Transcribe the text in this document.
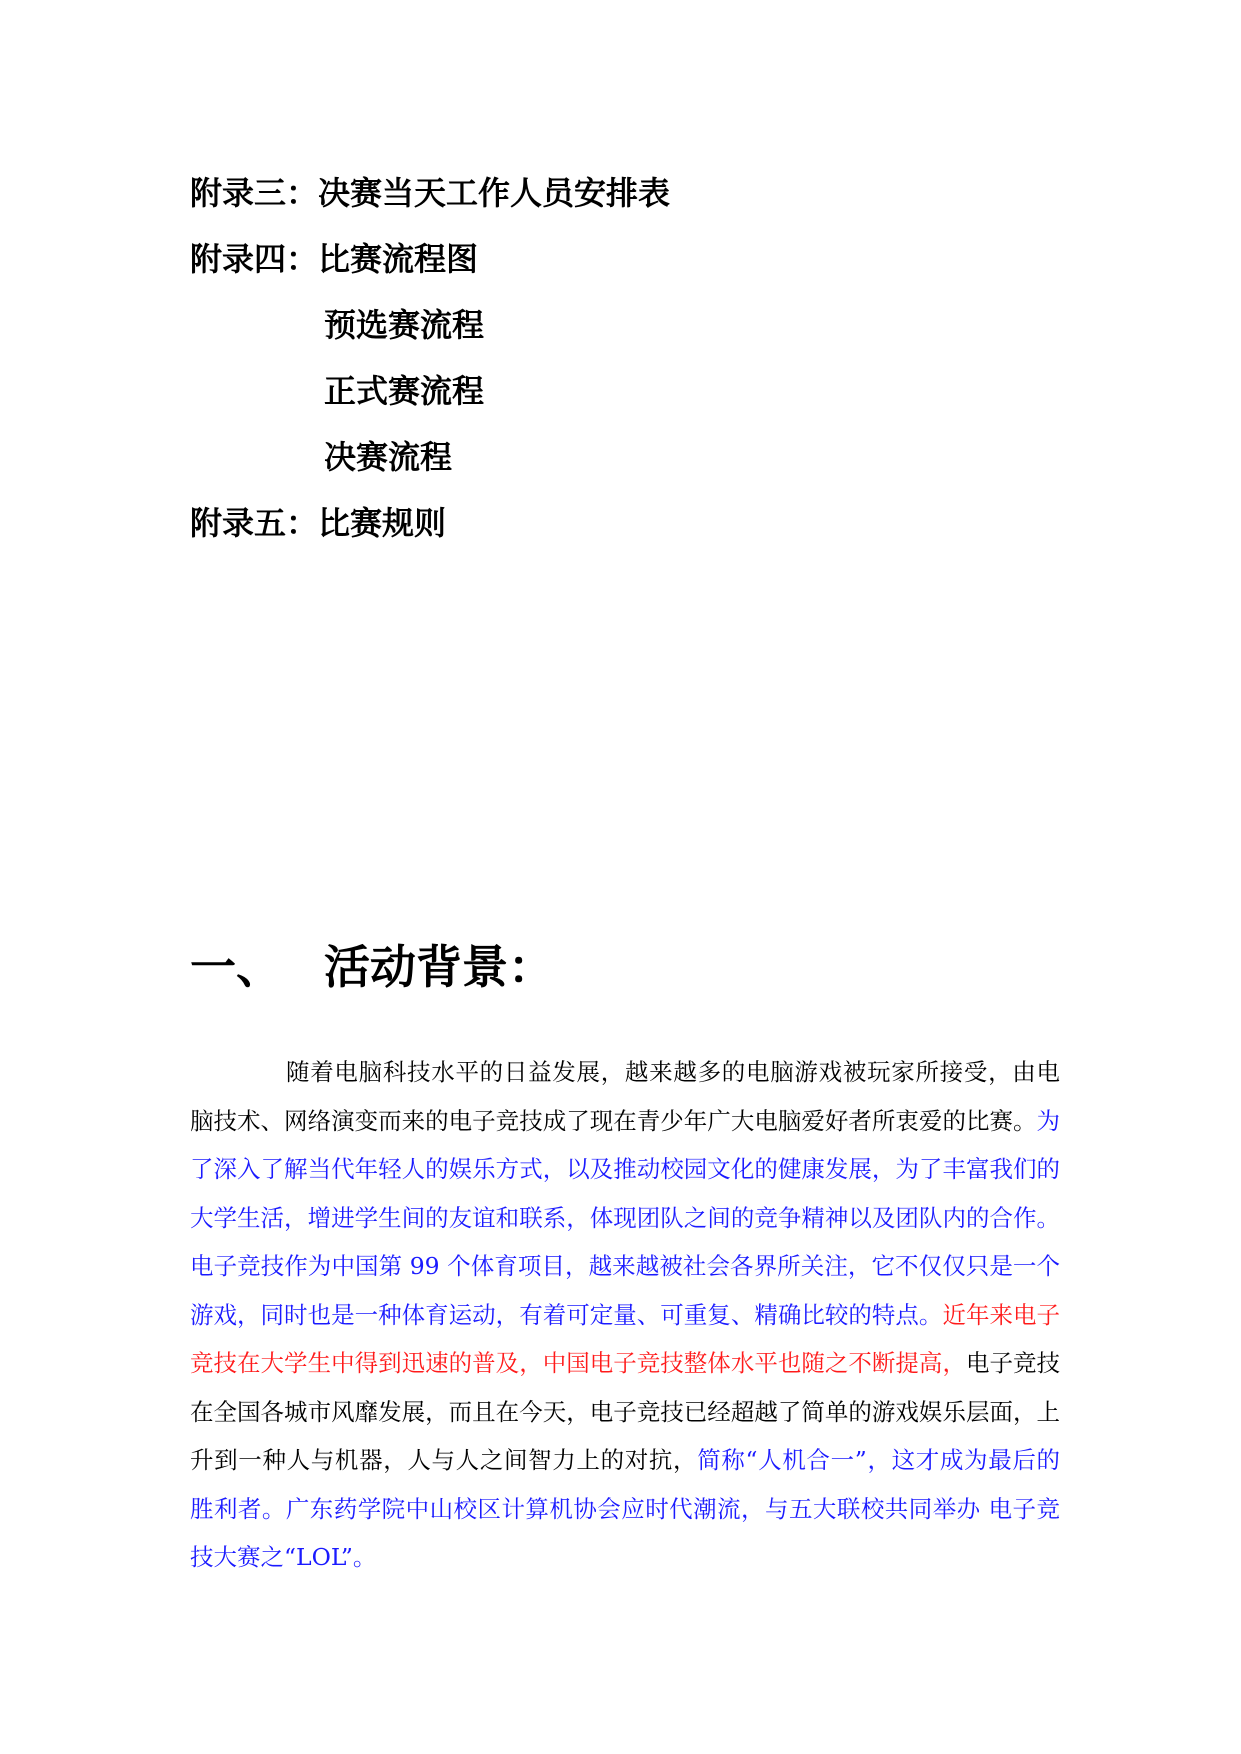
附录三：决赛当天工作人员安排表
附录四：比赛流程图
预选赛流程
正式赛流程
决赛流程
附录五：比赛规则
一、 活动背景：

随着电脑科技水平的日益发展，越来越多的电脑游戏被玩家所接受，由电脑技术、网络演变而来的电子竞技成了现在青少年广大电脑爱好者所衷爱的比赛。为了深入了解当代年轻人的娱乐方式，以及推动校园文化的健康发展，为了丰富我们的大学生活，增进学生间的友谊和联系，体现团队之间的竞争精神以及团队内的合作。电子竞技作为中国第 99 个体育项目，越来越被社会各界所关注，它不仅仅只是一个游戏，同时也是一种体育运动，有着可定量、可重复、精确比较的特点。近年来电子竞技在大学生中得到迅速的普及，中国电子竞技整体水平也随之不断提高，电子竞技在全国各城市风靡发展，而且在今天，电子竞技已经超越了简单的游戏娱乐层面，上升到一种人与机器，人与人之间智力上的对抗，简称“人机合一”，这才成为最后的胜利者。广东药学院中山校区计算机协会应时代潮流，与五大联校共同举办 电子竞技大赛之“LOL”。
